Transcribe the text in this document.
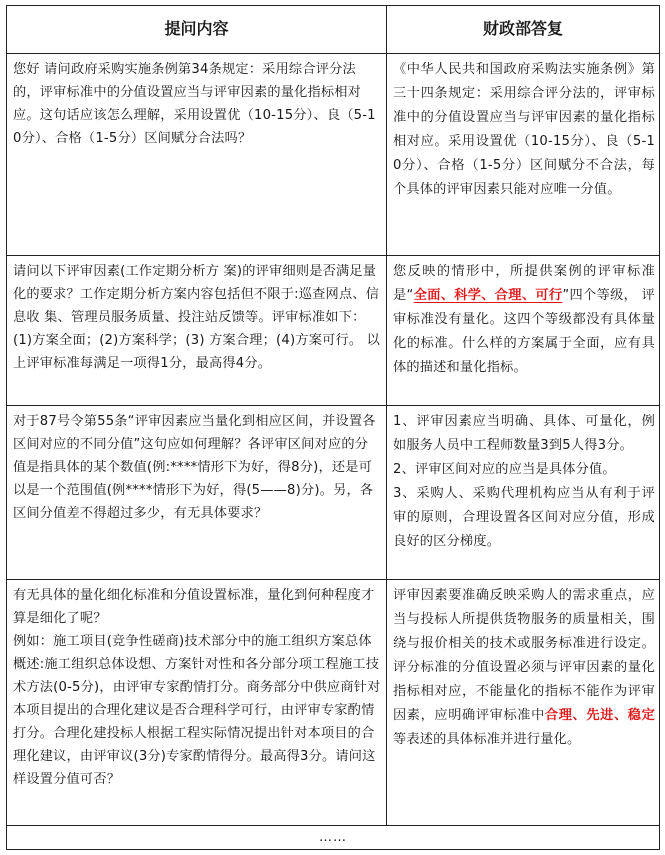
提问内容	财政部答复
您好 请问政府采购实施条例第34条规定：采用综合评分法的，评审标准中的分值设置应当与评审因素的量化指标相对应。这句话应该怎么理解，采用设置优（10-15分）、良（5-10分）、合格（1-5分）区间赋分合法吗？
《中华人民共和国政府采购法实施条例》第三十四条规定：采用综合评分法的，评审标准中的分值设置应当与评审因素的量化指标相对应。采用设置优（10-15分）、良（5-10分）、合格（1-5分）区间赋分不合法，每个具体的评审因素只能对应唯一分值。
请问以下评审因素(工作定期分析方 案)的评审细则是否满足量化的要求？工作定期分析方案内容包括但不限于:巡查网点、信息收 集、管理员服务质量、投注站反馈等。评审标准如下：(1)方案全面；(2)方案科学；(3) 方案合理；(4)方案可行。 以上评审标准每满足一项得1分，最高得4分。
您反映的情形中，所提供案例的评审标准是“全面、科学、合理、可行”四个等级， 评审标准没有量化。这四个等级都没有具体量化的标准。什么样的方案属于全面，应有具体的描述和量化指标。
对于87号令第55条“评审因素应当量化到相应区间，并设置各区间对应的不同分值”这句应如何理解？各评审区间对应的分值是指具体的某个数值(例:****情形下为好，得8分)，还是可以是一个范围值(例****情形下为好，得(5——8)分)。另，各区间分值差不得超过多少，有无具体要求？
1、评审因素应当明确、具体、可量化，例如服务人员中工程师数量3到5人得3分。
2、评审区间对应的应当是具体分值。
3、采购人、采购代理机构应当从有利于评审的原则，合理设置各区间对应分值，形成良好的区分梯度。
有无具体的量化细化标准和分值设置标准，量化到何种程度才算是细化了呢？
例如：施工项目(竞争性磋商)技术部分中的施工组织方案总体概述:施工组织总体设想、方案针对性和各分部分项工程施工技术方法(0-5分)，由评审专家酌情打分。商务部分中供应商针对本项目提出的合理化建议是否合理科学可行，由评审专家酌情打分。合理化建投标人根据工程实际情况提出针对本项目的合理化建议，由评审议(3分)专家酌情得分。最高得3分。请问这样设置分值可否？
评审因素要准确反映采购人的需求重点，应当与投标人所提供货物服务的质量相关，围绕与报价相关的技术或服务标准进行设定。评分标准的分值设置必须与评审因素的量化指标相对应，不能量化的指标不能作为评审因素，应明确评审标准中合理、先进、稳定等表述的具体标准并进行量化。
……
